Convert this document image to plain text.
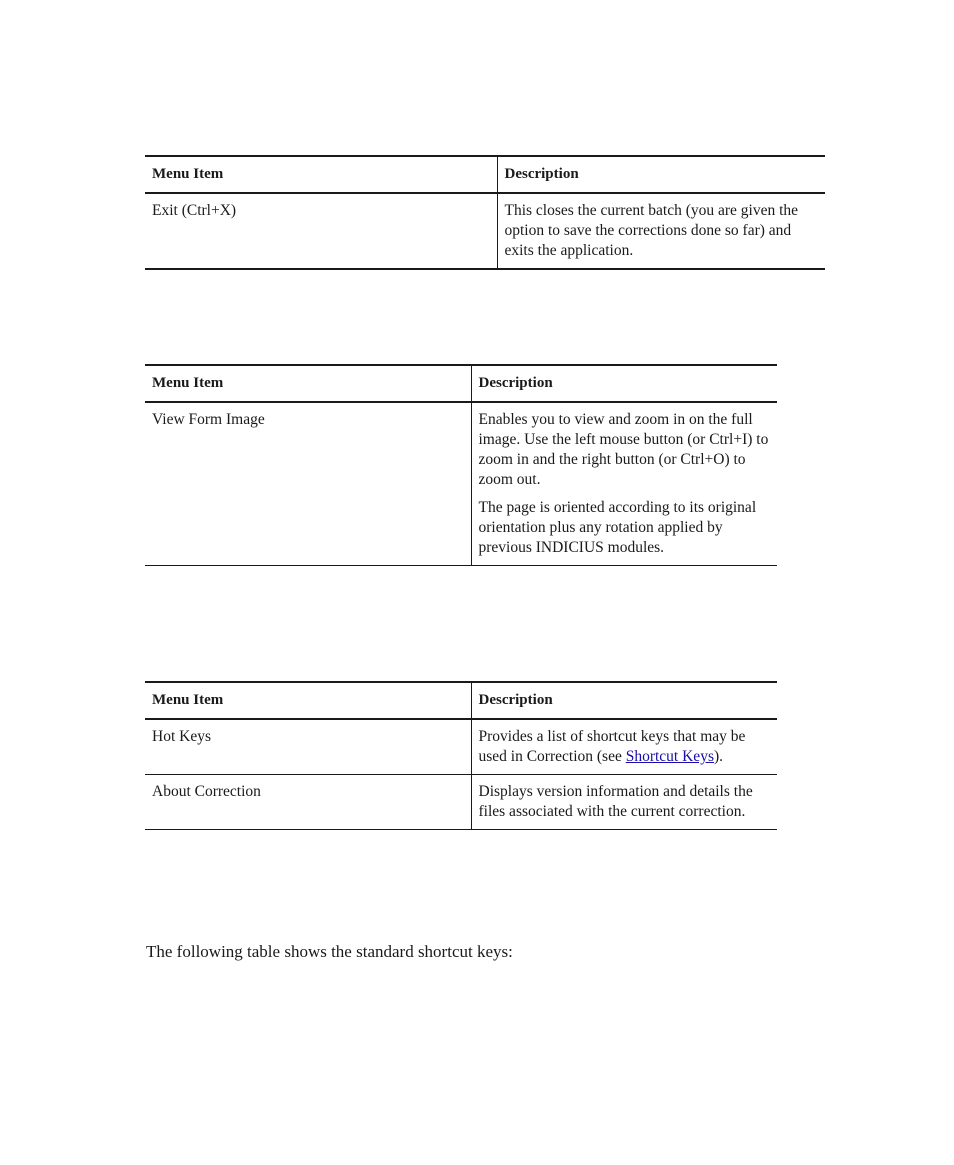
Menu Item	Description
Exit (Ctrl+X)	This closes the current batch (you are given the option to save the corrections done so far) and exits the application.

Menu Item	Description
View Form Image	Enables you to view and zoom in on the full image. Use the left mouse button (or Ctrl+I) to zoom in and the right button (or Ctrl+O) to zoom out.

The page is oriented according to its original orientation plus any rotation applied by previous INDICIUS modules.

Menu Item	Description
Hot Keys	Provides a list of shortcut keys that may be used in Correction (see Shortcut Keys).

About Correction	Displays version information and details the files associated with the current correction.

The following table shows the standard shortcut keys:
